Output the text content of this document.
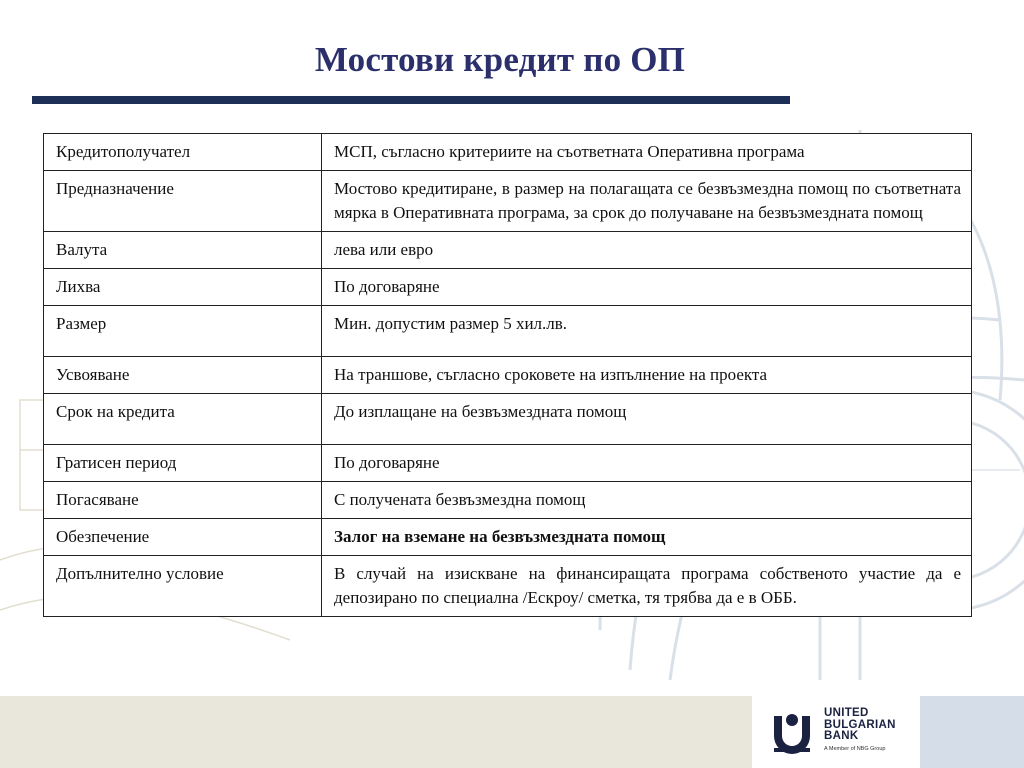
Мостови кредит по ОП
Кредитополучател	МСП, съгласно критериите на съответната Оперативна програма
Предназначение	Мостово кредитиране, в размер на полагащата се безвъзмездна помощ по съответната мярка в Оперативната програма, за срок до получаване на безвъзмездната помощ
Валута	лева или евро
Лихва	По договаряне
Размер	Мин. допустим размер 5 хил.лв.
Усвояване	На траншове, съгласно сроковете на изпълнение на проекта
Срок на кредита	До изплащане на безвъзмездната помощ
Гратисен период	По договаряне
Погасяване	С получената безвъзмездна помощ
Обезпечение	Залог на вземане на безвъзмездната помощ
Допълнително условие	В случай на изискване на финансиращата програма собственото участие да е депозирано по специална /Ескроу/ сметка, тя трябва да е в ОББ.
UNITED
BULGARIAN
BANK
A Member of NBG Group
